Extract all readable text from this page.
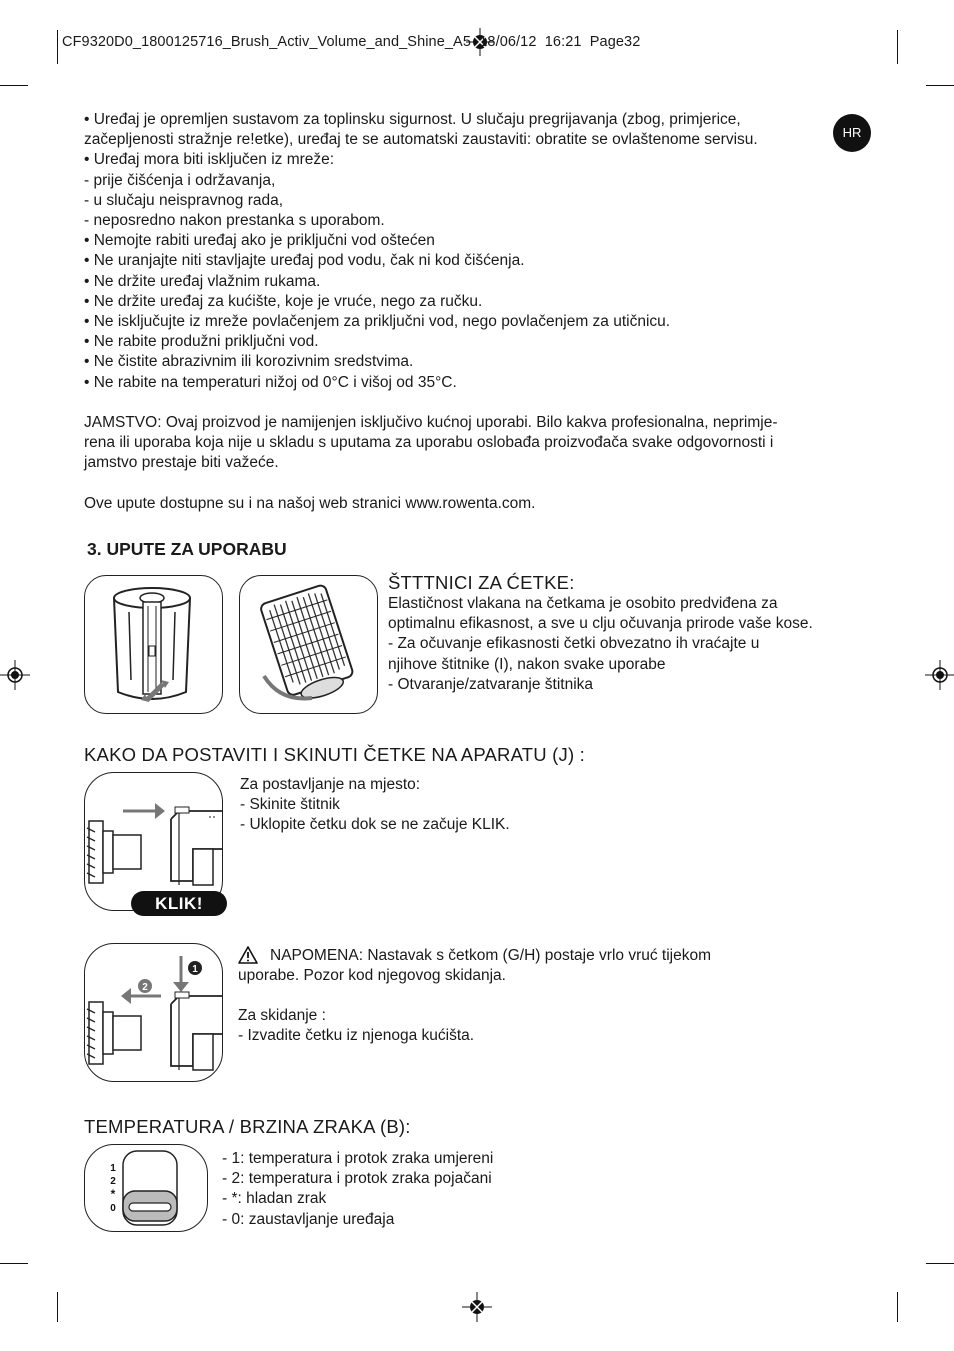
CF9320D0_1800125716_Brush_Activ_Volume_and_Shine_A5  18/06/12  16:21  Page32
HR
• Uređaj je opremljen sustavom za toplinsku sigurnost. U slučaju pregrijavanja (zbog, primjerice,
začepljenosti stražnje re!etke), uređaj te se automatski zaustaviti: obratite se ovlaštenome servisu.
• Uređaj mora biti isključen iz mreže:
- prije čišćenja i održavanja,
- u slučaju neispravnog rada,
- neposredno nakon prestanka s uporabom.
• Nemojte rabiti uređaj ako je priključni vod oštećen
• Ne uranjajte niti stavljajte uređaj pod vodu, čak ni kod čišćenja.
• Ne držite uređaj vlažnim rukama.
• Ne držite uređaj za kućište, koje je vruće, nego za ručku.
• Ne isključujte iz mreže povlačenjem za priključni vod, nego povlačenjem za utičnicu.
• Ne rabite produžni priključni vod.
• Ne čistite abrazivnim ili korozivnim sredstvima.
• Ne rabite na temperaturi nižoj od 0°C i višoj od 35°C.
JAMSTVO: Ovaj proizvod je namijenjen isključivo kućnoj uporabi. Bilo kakva profesionalna, neprimje-
rena ili uporaba koja nije u skladu s uputama za uporabu oslobađa proizvođača svake odgovornosti i
jamstvo prestaje biti važeće.
Ove upute dostupne su i na našoj web stranici www.rowenta.com.
3. UPUTE ZA UPORABU
ŠTTTNICI ZA ĆETKE:
Elastičnost vlakana na četkama je osobito predviđena za
optimalnu efikasnost, a sve u clju očuvanja prirode vaše kose.
- Za očuvanje efikasnosti četki obvezatno ih vraćajte u
njihove štitnike (I), nakon svake uporabe
- Otvaranje/zatvaranje štitnika
KAKO DA POSTAVITI I SKINUTI ČETKE NA APARATU (J) :
KLIK!
Za postavljanje na mjesto:
- Skinite štitnik
- Uklopite četku dok se ne začuje KLIK.
1
2
NAPOMENA: Nastavak s četkom (G/H) postaje vrlo vruć tijekom
uporabe. Pozor kod njegovog skidanja.
Za skidanje :
- Izvadite četku iz njenoga kućišta.
TEMPERATURA / BRZINA ZRAKA (B):
1
2
*
0
- 1: temperatura i protok zraka umjereni
- 2: temperatura i protok zraka pojačani
- *: hladan zrak
- 0: zaustavljanje uređaja
